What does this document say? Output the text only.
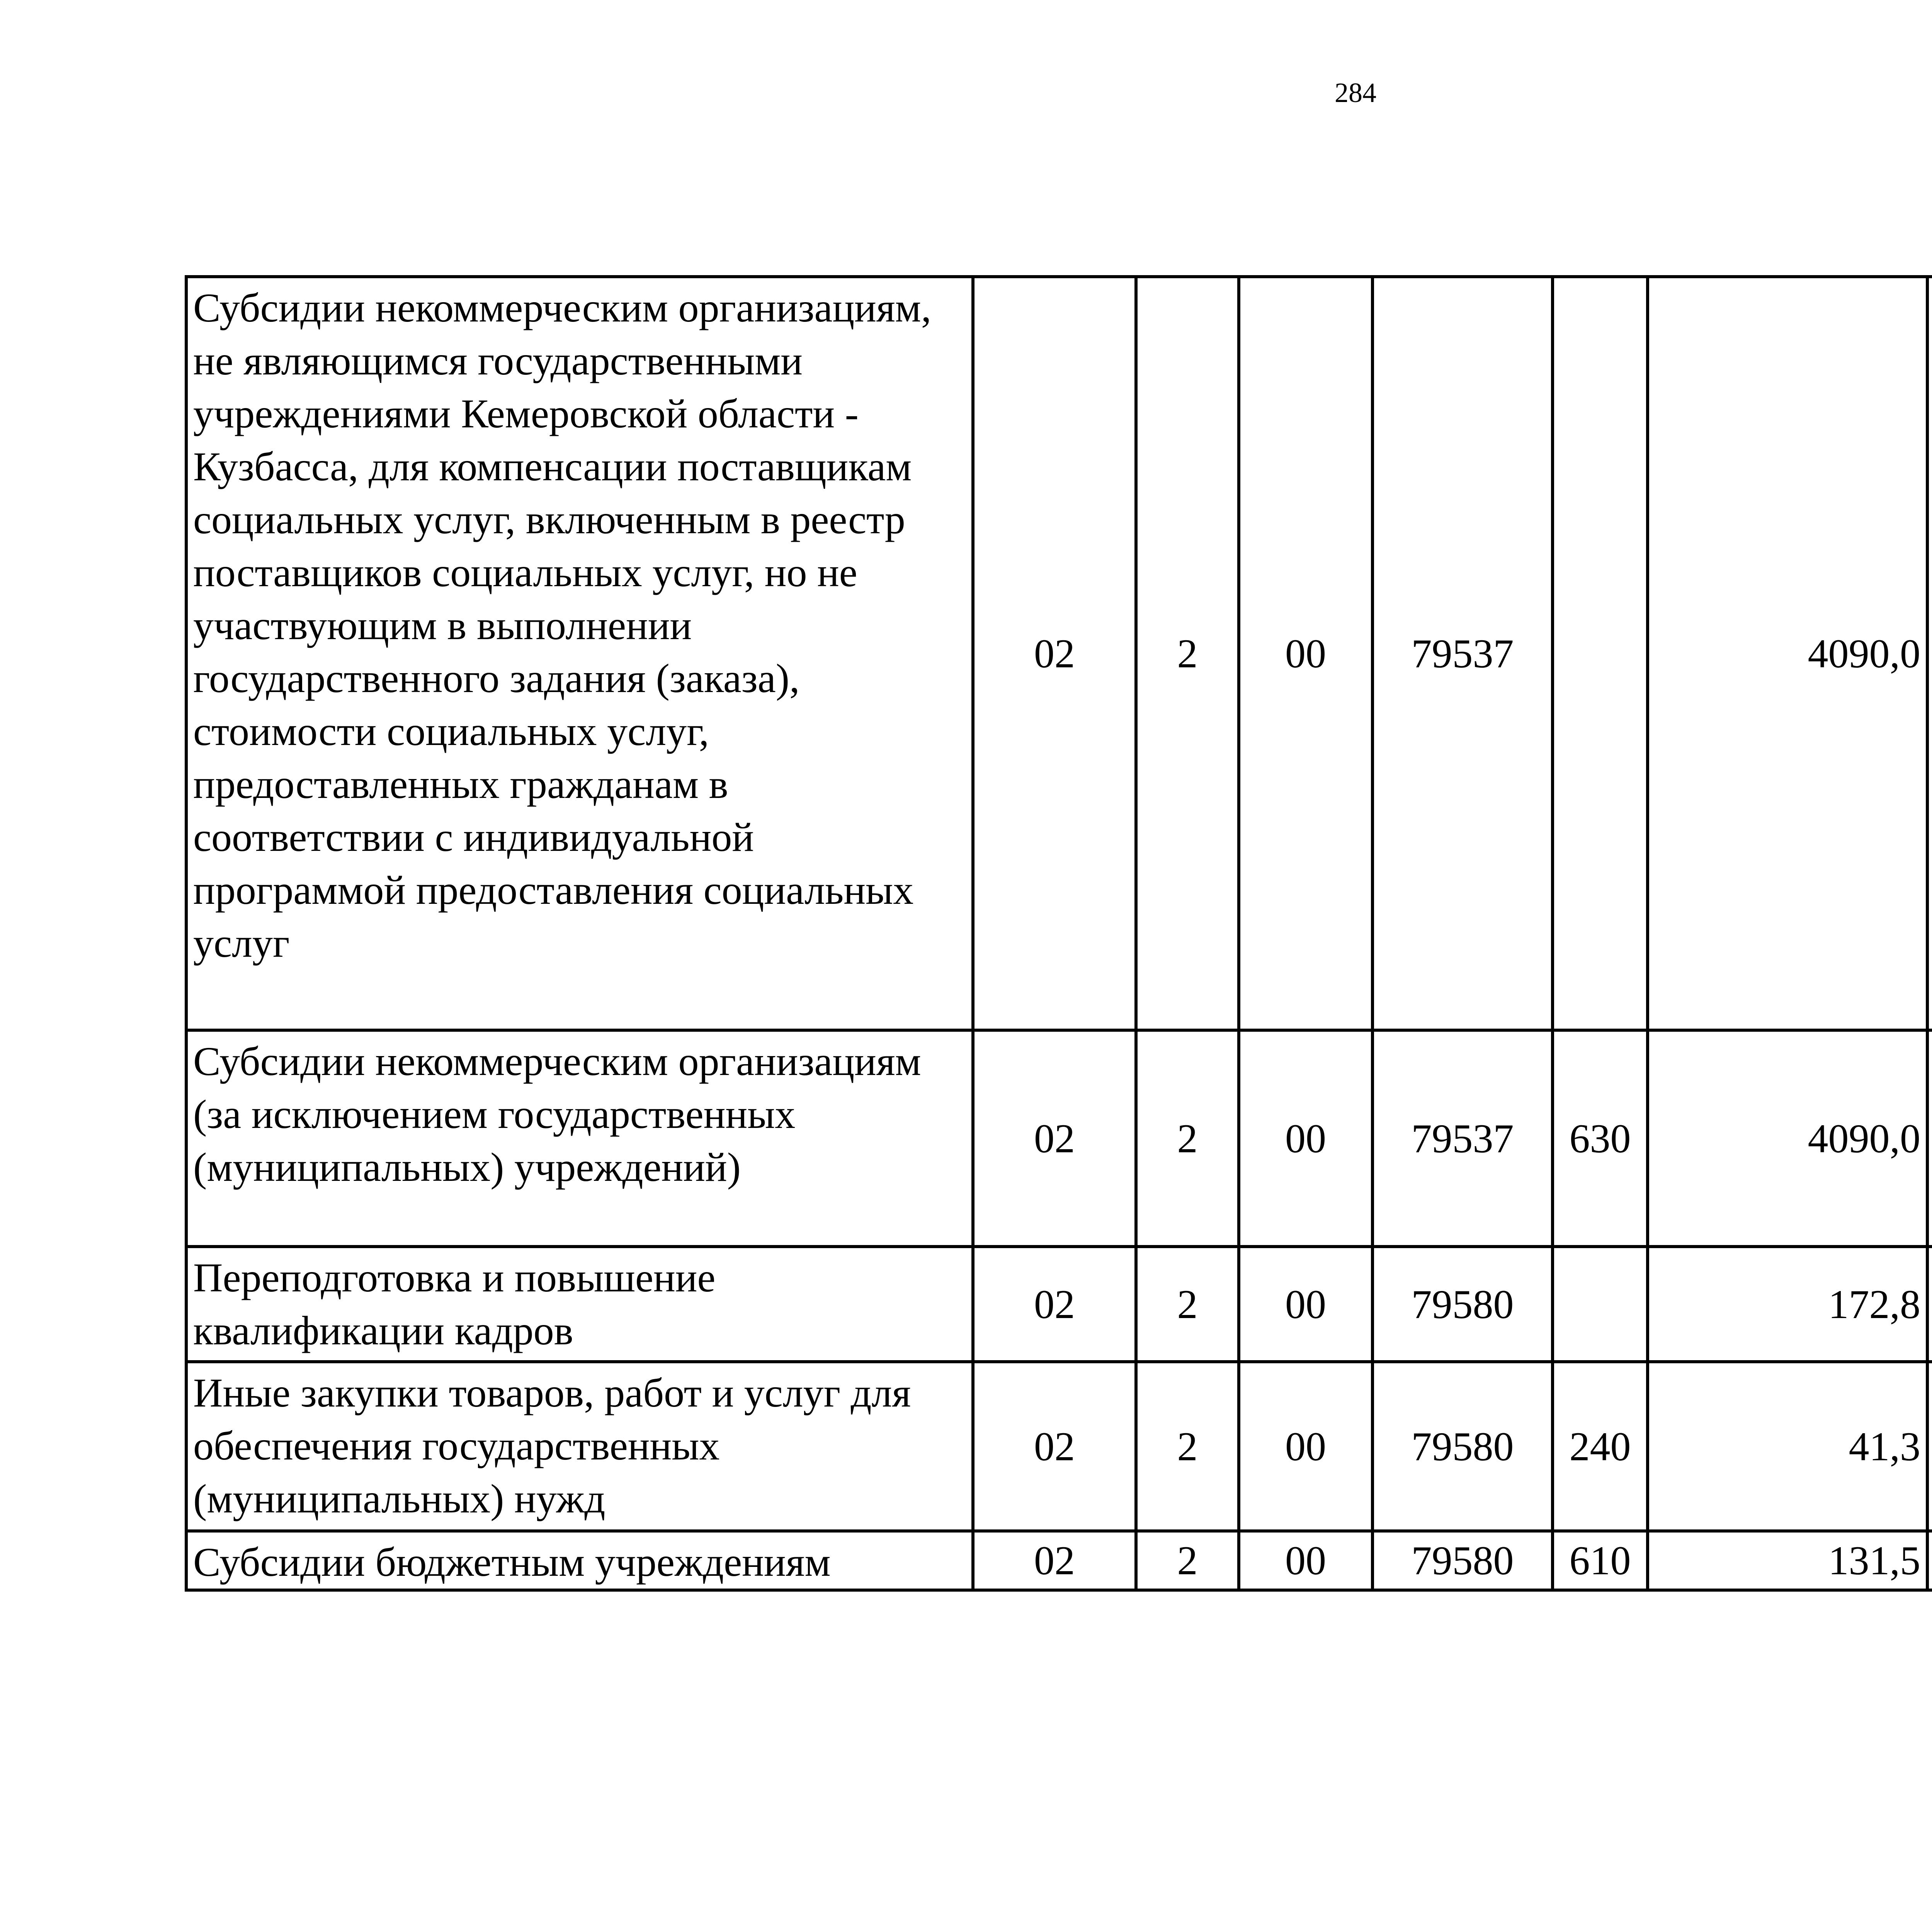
284
Субсидии некоммерческим организациям, не являющимся государственными учреждениями Кемеровской области - Кузбасса, для компенсации поставщикам социальных услуг, включенным в реестр поставщиков социальных услуг, но не участвующим в выполнении государственного задания (заказа), стоимости социальных услуг, предоставленных гражданам в соответствии с индивидуальной программой предоставления социальных услуг	02	2	00	79537		4090,0		
Субсидии некоммерческим организациям (за исключением государственных (муниципальных) учреждений)	02	2	00	79537	630	4090,0		
Переподготовка и повышение квалификации кадров	02	2	00	79580		172,8		
Иные закупки товаров, работ и услуг для обеспечения государственных (муниципальных) нужд	02	2	00	79580	240	41,3		
Субсидии бюджетным учреждениям	02	2	00	79580	610	131,5		
